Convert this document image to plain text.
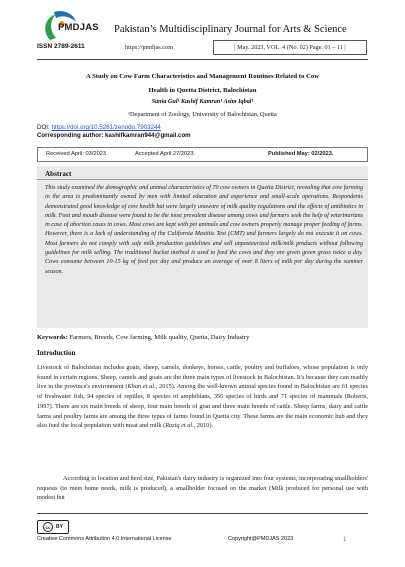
PMDJAS Pakistan’s Multidisciplinary Journal for Arts & Science
ISSN 2789-2611	https://pmdjas.com	| May. 2023, VOL. 4 (No. 02) Page. 01 – 11 |
A Study on Cow Farm Characteristics and Management Routines Related to Cow
Health in Quetta District, Balochistan
Sania Gul¹ Kashif Kamran¹ Asim Iqbal¹
¹Department of Zoology, University of Balochistan, Quetta
DOI: https://doi.org/10.5281/zenodo.7903244
Corresponding author: kashifkamran944@gmail.com
Received April: 03/2023.	Accepted April 27/2023.	Published May: 02/2023.
Abstract
This study examined the demographic and animal characteristics of 70 cow owners in Quetta District, revealing that cow farming in the area is predominantly owned by men with limited education and experience and small-scale operations. Respondents demonstrated good knowledge of cow health but were largely unaware of milk quality regulations and the effects of antibiotics in milk. Foot and mouth disease were found to be the most prevalent disease among cows and farmers seek the help of veterinarians in case of abortion cases in cows. Most cows are kept with pet animals and cow owners properly manage proper feeding of farms. However, there is a lack of understanding of the California Mastitis Test (CMT) and farmers largely do not execute it on cows. Most farmers do not comply with safe milk production guidelines and sell unpasteurized milk/milk products without following guidelines for milk selling. The traditional bucket method is used to feed the cows and they are given green grass twice a day. Cows consume between 10-15 kg of feed per day and produce an average of over 8 liters of milk per day during the summer season.
Keywords: Farmers, Breeds, Cow farming, Milk quality, Quetta, Dairy Industry
Introduction
Livestock of Balochistan includes goats, sheep, camels, donkeys, horses, cattle, poultry and buffaloes, whose population is only found in certain regions. Sheep, camels and goats are the three main types of livestock in Balochistan. It's because they can readily live in the province's environment (Khan et al., 2015). Among the well-known animal species found in Balochistan are 61 species of freshwater fish, 94 species of reptiles, 8 species of amphibians, 356 species of birds and 71 species of mammals (Roberts, 1997). There are six main breeds of sheep, four main breeds of goat and three main breeds of cattle. Sheep farms, dairy and cattle farms and poultry farms are among the three types of farms found in Quetta city. These farms are the main economic hub and they also feed the local population with meat and milk (Raziq et al., 2010).
According to location and herd size, Pakistan's dairy industry is organized into four systems, incorporating smallholders' requests (to meet home needs, milk is produced), a smallholder focused on the market (Milk produced for personal use with modest but
cc	BY
Creative Commons Attribution 4.0 International License	Copyright@PMDJAS 2023	1
